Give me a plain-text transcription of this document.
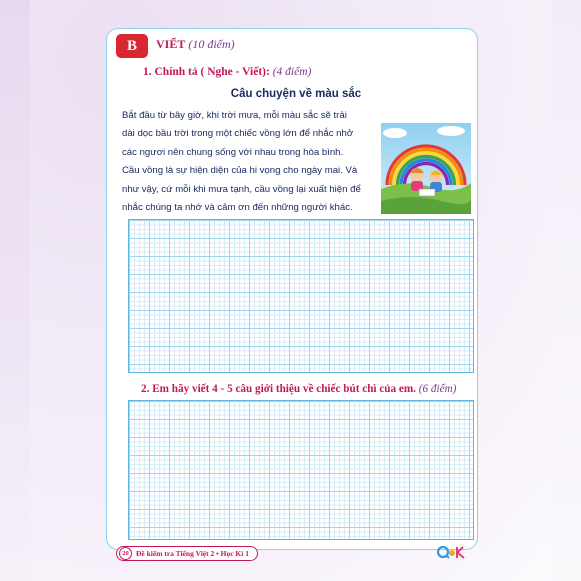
B	VIẾT (10 điểm)
1. Chính tả ( Nghe - Viết): (4 điểm)
Câu chuyện về màu sắc
Bắt đầu từ bây giờ, khi trời mưa, mỗi màu sắc sẽ trải
dài dọc bầu trời trong một chiếc vồng lớn để nhắc nhở
các ngươi nên chung sống với nhau trong hòa bình.
Cầu vồng là sự hiện diện của hi vọng cho ngày mai. Và
như vậy, cứ mỗi khi mưa tạnh, cầu vồng lại xuất hiện để
nhắc chúng ta nhớ và cảm ơn đến những người khác.
2. Em hãy viết 4 - 5 câu giới thiệu về chiếc bút chì của em. (6 điểm)
20 Đề kiểm tra Tiếng Việt 2 • Học Kì 1
